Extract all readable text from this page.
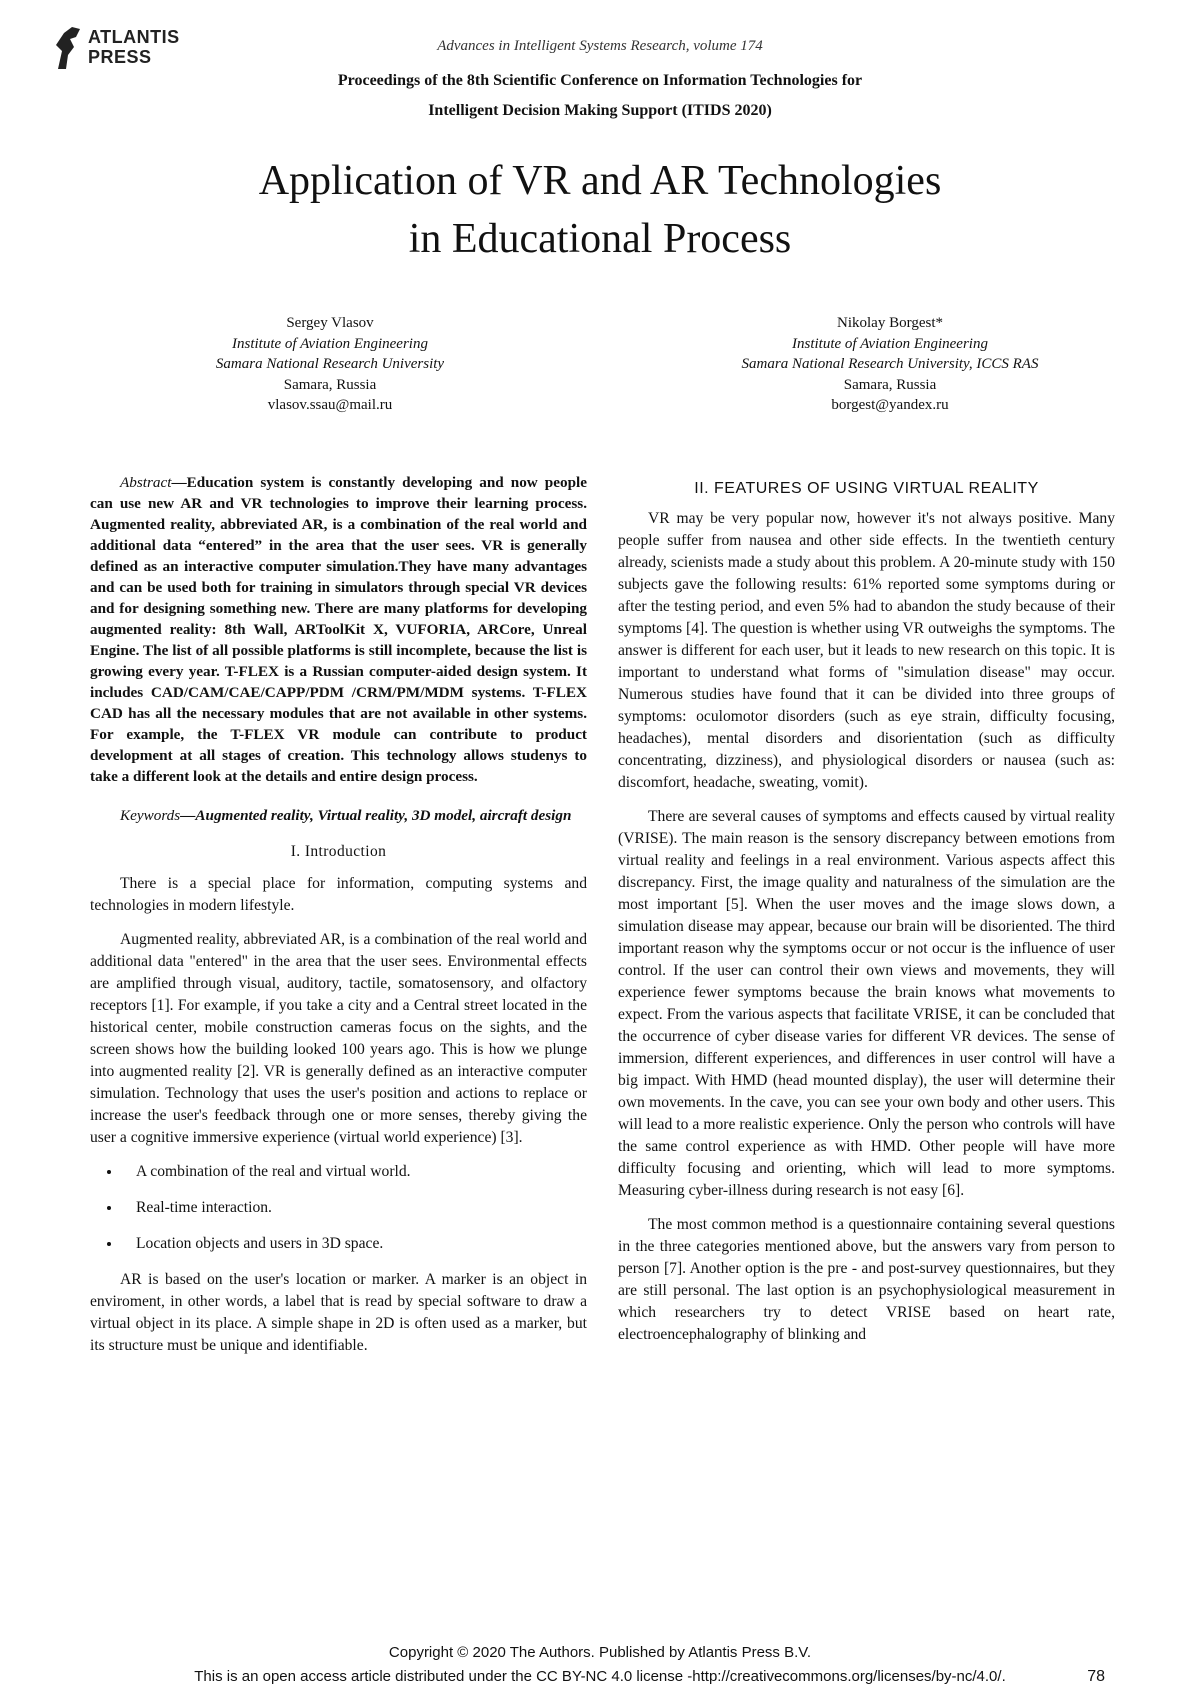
ATLANTIS
PRESS
Advances in Intelligent Systems Research, volume 174
Proceedings of the 8th Scientific Conference on Information Technologies for
Intelligent Decision Making Support (ITIDS 2020)
Application of VR and AR Technologies
in Educational Process
Sergey Vlasov
Institute of Aviation Engineering
Samara National Research University
Samara, Russia
vlasov.ssau@mail.ru
Nikolay Borgest*
Institute of Aviation Engineering
Samara National Research University, ICCS RAS
Samara, Russia
borgest@yandex.ru

Abstract—Education system is constantly developing and now people can use new AR and VR technologies to improve their learning process. Augmented reality, abbreviated AR, is a combination of the real world and additional data “entered” in the area that the user sees. VR is generally defined as an interactive computer simulation.They have many advantages and can be used both for training in simulators through special VR devices and for designing something new. There are many platforms for developing augmented reality: 8th Wall, ARToolKit X, VUFORIA, ARCore, Unreal Engine. The list of all possible platforms is still incomplete, because the list is growing every year. T-FLEX is a Russian computer-aided design system. It includes CAD/CAM/CAE/CAPP/PDM /CRM/PM/MDM systems. T-FLEX CAD has all the necessary modules that are not available in other systems. For example, the T-FLEX VR module can contribute to product development at all stages of creation. This technology allows studenys to take a different look at the details and entire design process.

Keywords—Augmented reality, Virtual reality, 3D model, aircraft design

I. Introduction

There is a special place for information, computing systems and technologies in modern lifestyle.

Augmented reality, abbreviated AR, is a combination of the real world and additional data "entered" in the area that the user sees. Environmental effects are amplified through visual, auditory, tactile, somatosensory, and olfactory receptors [1]. For example, if you take a city and a Central street located in the historical center, mobile construction cameras focus on the sights, and the screen shows how the building looked 100 years ago. This is how we plunge into augmented reality [2]. VR is generally defined as an interactive computer simulation. Technology that uses the user's position and actions to replace or increase the user's feedback through one or more senses, thereby giving the user a cognitive immersive experience (virtual world experience) [3].

• A combination of the real and virtual world.
• Real-time interaction.
• Location objects and users in 3D space.

AR is based on the user's location or marker. A marker is an object in enviroment, in other words, a label that is read by special software to draw a virtual object in its place. A simple shape in 2D is often used as a marker, but its structure must be unique and identifiable.

II. FEATURES OF USING VIRTUAL REALITY

VR may be very popular now, however it's not always positive. Many people suffer from nausea and other side effects. In the twentieth century already, scienists made a study about this problem. A 20-minute study with 150 subjects gave the following results: 61% reported some symptoms during or after the testing period, and even 5% had to abandon the study because of their symptoms [4]. The question is whether using VR outweighs the symptoms. The answer is different for each user, but it leads to new research on this topic. It is important to understand what forms of "simulation disease" may occur. Numerous studies have found that it can be divided into three groups of symptoms: oculomotor disorders (such as eye strain, difficulty focusing, headaches), mental disorders and disorientation (such as difficulty concentrating, dizziness), and physiological disorders or nausea (such as: discomfort, headache, sweating, vomit).

There are several causes of symptoms and effects caused by virtual reality (VRISE). The main reason is the sensory discrepancy between emotions from virtual reality and feelings in a real environment. Various aspects affect this discrepancy. First, the image quality and naturalness of the simulation are the most important [5]. When the user moves and the image slows down, a simulation disease may appear, because our brain will be disoriented. The third important reason why the symptoms occur or not occur is the influence of user control. If the user can control their own views and movements, they will experience fewer symptoms because the brain knows what movements to expect. From the various aspects that facilitate VRISE, it can be concluded that the occurrence of cyber disease varies for different VR devices. The sense of immersion, different experiences, and differences in user control will have a big impact. With HMD (head mounted display), the user will determine their own movements. In the cave, you can see your own body and other users. This will lead to a more realistic experience. Only the person who controls will have the same control experience as with HMD. Other people will have more difficulty focusing and orienting, which will lead to more symptoms. Measuring cyber-illness during research is not easy [6].

The most common method is a questionnaire containing several questions in the three categories mentioned above, but the answers vary from person to person [7]. Another option is the pre - and post-survey questionnaires, but they are still personal. The last option is an psychophysiological measurement in which researchers try to detect VRISE based on heart rate, electroencephalography of blinking and

Copyright © 2020 The Authors. Published by Atlantis Press B.V.
This is an open access article distributed under the CC BY-NC 4.0 license -http://creativecommons.org/licenses/by-nc/4.0/.	78
